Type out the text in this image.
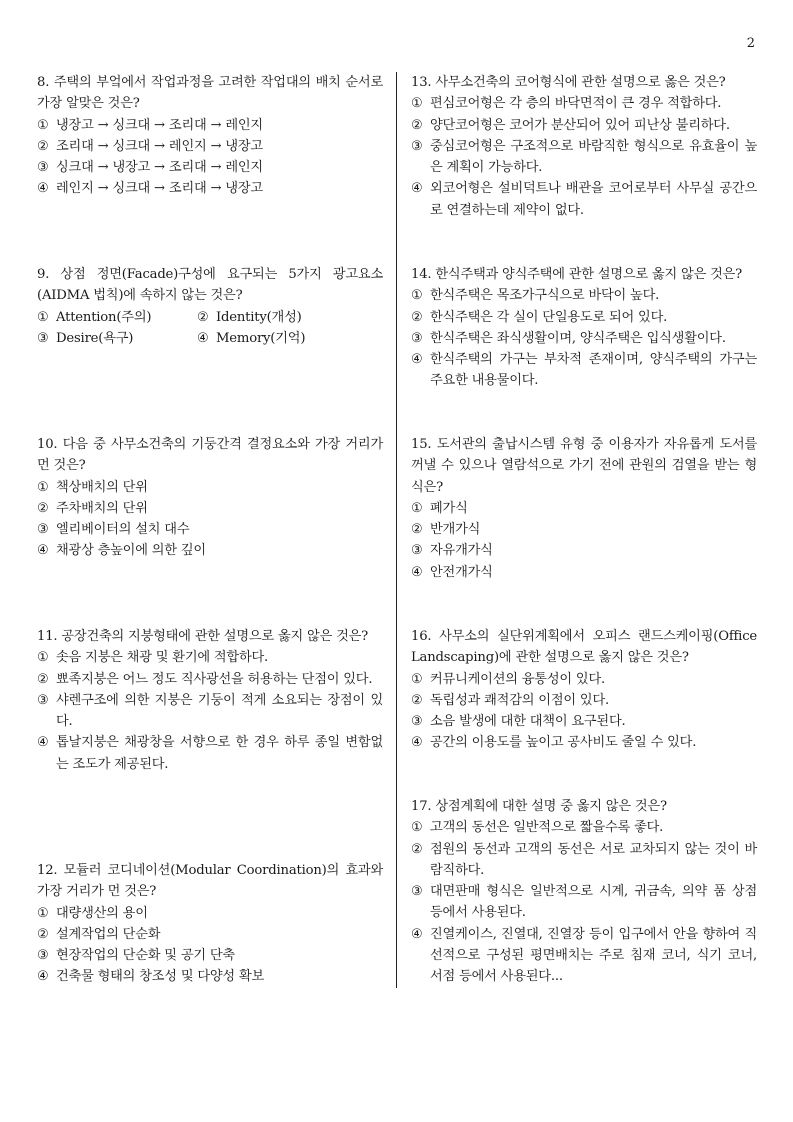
2

8. 주택의 부엌에서 작업과정을 고려한 작업대의 배치 순서로 가장 알맞은 것은?

① 냉장고 → 싱크대 → 조리대 → 레인지
② 조리대 → 싱크대 → 레인지 → 냉장고
③ 싱크대 → 냉장고 → 조리대 → 레인지
④ 레인지 → 싱크대 → 조리대 → 냉장고

9. 상점 정면(Facade)구성에 요구되는 5가지 광고요소(AIDMA 법칙)에 속하지 않는 것은?

① Attention(주의)	② Identity(개성)
③ Desire(욕구)	④ Memory(기억)

10. 다음 중 사무소건축의 기둥간격 결정요소와 가장 거리가 먼 것은?

① 책상배치의 단위
② 주차배치의 단위
③ 엘리베이터의 설치 대수
④ 채광상 층높이에 의한 깊이

11. 공장건축의 지붕형태에 관한 설명으로 옳지 않은 것은?

① 솟음 지붕은 채광 및 환기에 적합하다.
② 뾰족지붕은 어느 정도 직사광선을 허용하는 단점이 있다.
③ 샤렌구조에 의한 지붕은 기둥이 적게 소요되는 장점이 있다.
④ 톱날지붕은 채광창을 서향으로 한 경우 하루 종일 변함없는 조도가 제공된다.

12. 모듈러 코디네이션(Modular Coordination)의 효과와 가장 거리가 먼 것은?

① 대량생산의 용이
② 설계작업의 단순화
③ 현장작업의 단순화 및 공기 단축
④ 건축물 형태의 창조성 및 다양성 확보

13. 사무소건축의 코어형식에 관한 설명으로 옳은 것은?

① 편심코어형은 각 층의 바닥면적이 큰 경우 적합하다.
② 양단코어형은 코어가 분산되어 있어 피난상 불리하다.
③ 중심코어형은 구조적으로 바람직한 형식으로 유효율이 높은 계획이 가능하다.
④ 외코어형은 설비덕트나 배관을 코어로부터 사무실 공간으로 연결하는데 제약이 없다.

14. 한식주택과 양식주택에 관한 설명으로 옳지 않은 것은?

① 한식주택은 목조가구식으로 바닥이 높다.
② 한식주택은 각 실이 단일용도로 되어 있다.
③ 한식주택은 좌식생활이며, 양식주택은 입식생활이다.
④ 한식주택의 가구는 부차적 존재이며, 양식주택의 가구는 주요한 내용물이다.

15. 도서관의 출납시스템 유형 중 이용자가 자유롭게 도서를 꺼낼 수 있으나 열람석으로 가기 전에 관원의 검열을 받는 형식은?

① 폐가식
② 반개가식
③ 자유개가식
④ 안전개가식

16. 사무소의 실단위계획에서 오피스 랜드스케이핑(Office Landscaping)에 관한 설명으로 옳지 않은 것은?

① 커뮤니케이션의 융통성이 있다.
② 독립성과 쾌적감의 이점이 있다.
③ 소음 발생에 대한 대책이 요구된다.
④ 공간의 이용도를 높이고 공사비도 줄일 수 있다.

17. 상점계획에 대한 설명 중 옳지 않은 것은?

① 고객의 동선은 일반적으로 짧을수록 좋다.
② 점원의 동선과 고객의 동선은 서로 교차되지 않는 것이 바람직하다.
③ 대면판매 형식은 일반적으로 시계, 귀금속, 의약 품 상점 등에서 사용된다.
④ 진열케이스, 진열대, 진열장 등이 입구에서 안을 향하여 직선적으로 구성된 평면배치는 주로 침재 코너, 식기 코너, 서점 등에서 사용된다...
